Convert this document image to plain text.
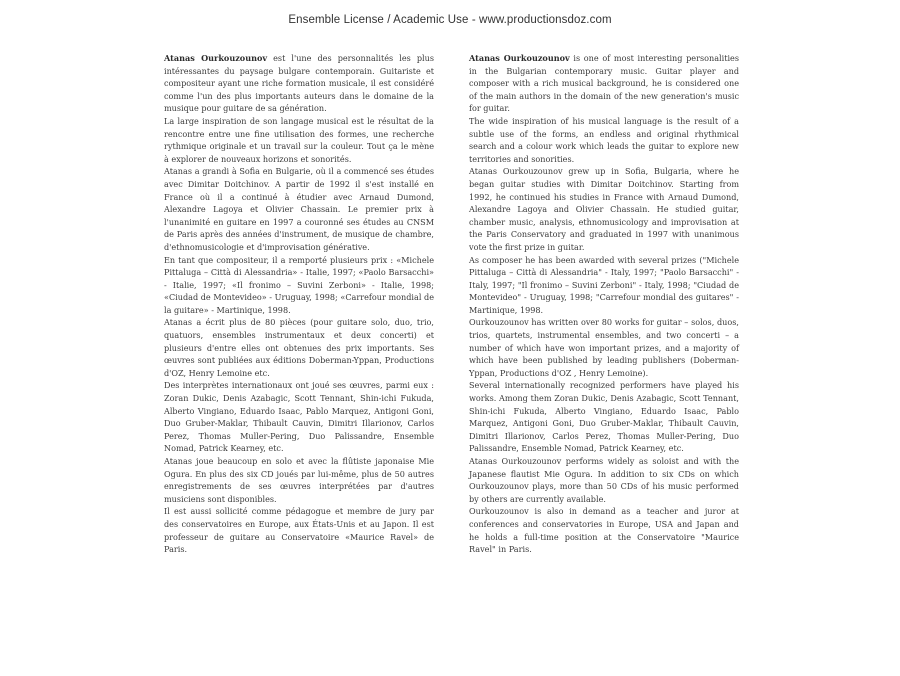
Ensemble License / Academic Use - www.productionsdoz.com

Atanas Ourkouzounov est l'une des personnalités les plus intéressantes du paysage bulgare contemporain. Guitariste et compositeur ayant une riche formation musicale, il est considéré comme l'un des plus importants auteurs dans le domaine de la musique pour guitare de sa génération.

La large inspiration de son langage musical est le résultat de la rencontre entre une fine utilisation des formes, une recherche rythmique originale et un travail sur la couleur. Tout ça le mène à explorer de nouveaux horizons et sonorités.

Atanas a grandi à Sofia en Bulgarie, où il a commencé ses études avec Dimitar Doitchinov. A partir de 1992 il s'est installé en France où il a continué à étudier avec Arnaud Dumond, Alexandre Lagoya et Olivier Chassain. Le premier prix à l'unanimité en guitare en 1997 a couronné ses études au CNSM de Paris après des années d'instrument, de musique de chambre, d'ethnomusicologie et d'improvisation générative.

En tant que compositeur, il a remporté plusieurs prix : «Michele Pittaluga – Città di Alessandria» - Italie, 1997; «Paolo Barsacchi» - Italie, 1997; «Il fronimo – Suvini Zerboni» - Italie, 1998; «Ciudad de Montevideo» - Uruguay, 1998; «Carrefour mondial de la guitare» - Martinique, 1998.

Atanas a écrit plus de 80 pièces (pour guitare solo, duo, trio, quatuors, ensembles instrumentaux et deux concerti) et plusieurs d'entre elles ont obtenues des prix importants. Ses œuvres sont publiées aux éditions Doberman-Yppan, Productions d'OZ, Henry Lemoine etc.

Des interprètes internationaux ont joué ses œuvres, parmi eux : Zoran Dukic, Denis Azabagic, Scott Tennant, Shin-ichi Fukuda, Alberto Vingiano, Eduardo Isaac, Pablo Marquez, Antigoni Goni, Duo Gruber-Maklar, Thibault Cauvin, Dimitri Illarionov, Carlos Perez, Thomas Muller-Pering, Duo Palissandre, Ensemble Nomad, Patrick Kearney, etc.

Atanas joue beaucoup en solo et avec la flûtiste japonaise Mie Ogura. En plus des six CD joués par lui-même, plus de 50 autres enregistrements de ses œuvres interprétées par d'autres musiciens sont disponibles.

Il est aussi sollicité comme pédagogue et membre de jury par des conservatoires en Europe, aux États-Unis et au Japon. Il est professeur de guitare au Conservatoire «Maurice Ravel» de Paris.

Atanas Ourkouzounov is one of most interesting personalities in the Bulgarian contemporary music. Guitar player and composer with a rich musical background, he is considered one of the main authors in the domain of the new generation's music for guitar.

The wide inspiration of his musical language is the result of a subtle use of the forms, an endless and original rhythmical search and a colour work which leads the guitar to explore new territories and sonorities.

Atanas Ourkouzounov grew up in Sofia, Bulgaria, where he began guitar studies with Dimitar Doitchinov. Starting from 1992, he continued his studies in France with Arnaud Dumond, Alexandre Lagoya and Olivier Chassain. He studied guitar, chamber music, analysis, ethnomusicology and improvisation at the Paris Conservatory and graduated in 1997 with unanimous vote the first prize in guitar.

As composer he has been awarded with several prizes ("Michele Pittaluga – Città di Alessandria" - Italy, 1997; "Paolo Barsacchi" - Italy, 1997; "Il fronimo – Suvini Zerboni" - Italy, 1998; "Ciudad de Montevideo" - Uruguay, 1998; "Carrefour mondial des guitares" - Martinique, 1998.

Ourkouzounov has written over 80 works for guitar – solos, duos, trios, quartets, instrumental ensembles, and two concerti – a number of which have won important prizes, and a majority of which have been published by leading publishers (Doberman-Yppan, Productions d'OZ , Henry Lemoine).

Several internationally recognized performers have played his works. Among them Zoran Dukic, Denis Azabagic, Scott Tennant, Shin-ichi Fukuda, Alberto Vingiano, Eduardo Isaac, Pablo Marquez, Antigoni Goni, Duo Gruber-Maklar, Thibault Cauvin, Dimitri Illarionov, Carlos Perez, Thomas Muller-Pering, Duo Palissandre, Ensemble Nomad, Patrick Kearney, etc.

Atanas Ourkouzounov performs widely as soloist and with the Japanese flautist Mie Ogura. In addition to six CDs on which Ourkouzounov plays, more than 50 CDs of his music performed by others are currently available.

Ourkouzounov is also in demand as a teacher and juror at conferences and conservatories in Europe, USA and Japan and he holds a full-time position at the Conservatoire "Maurice Ravel" in Paris.
